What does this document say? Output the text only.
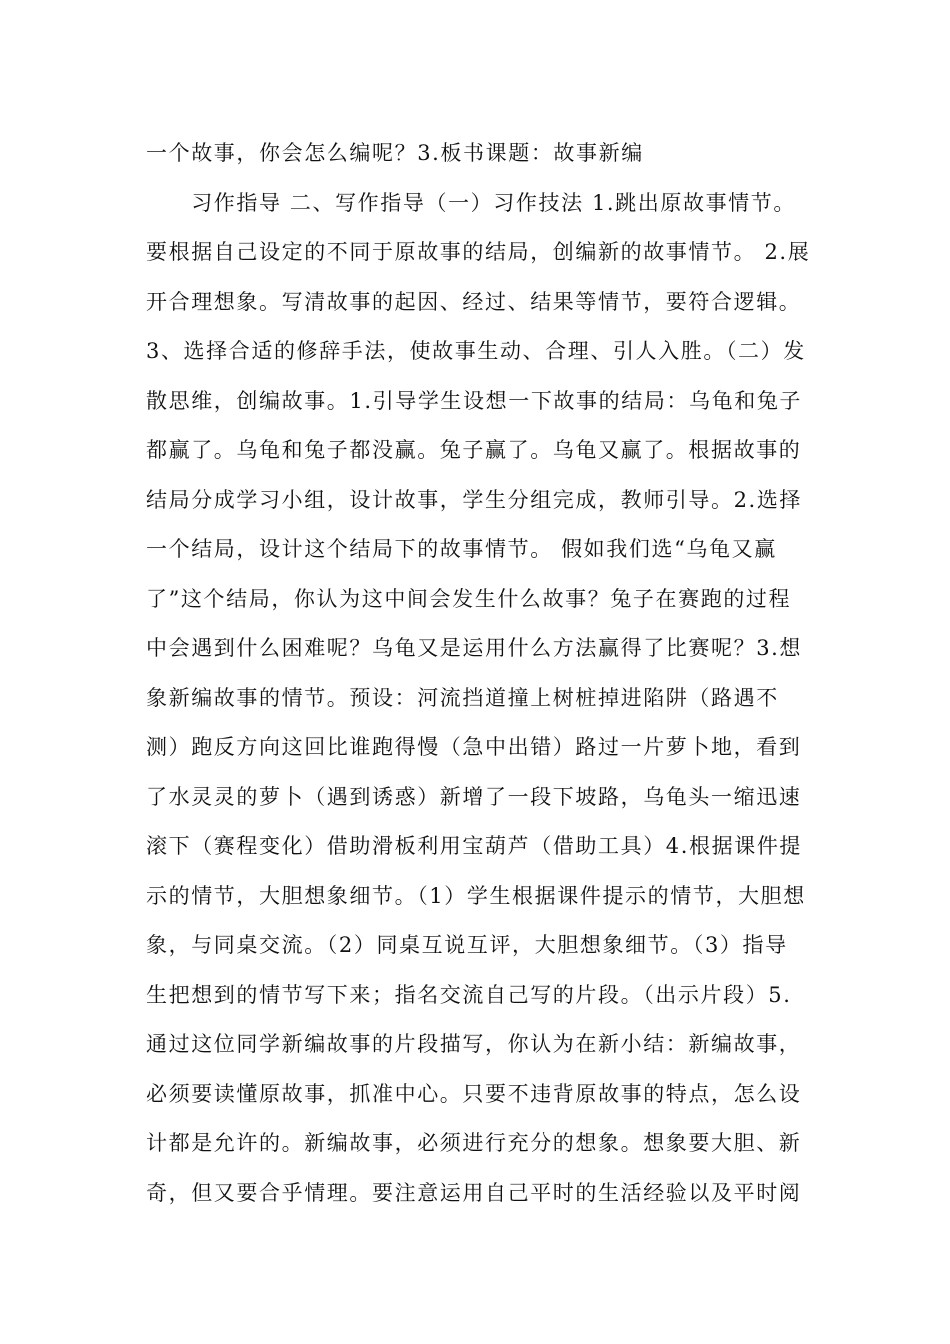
一个故事，你会怎么编呢？3.板书课题：故事新编
　　习作指导 二、写作指导（一）习作技法 1.跳出原故事情节。
要根据自己设定的不同于原故事的结局，创编新的故事情节。 2.展
开合理想象。写清故事的起因、经过、结果等情节，要符合逻辑。
3、选择合适的修辞手法，使故事生动、合理、引人入胜。（二）发
散思维，创编故事。1.引导学生设想一下故事的结局：乌龟和兔子
都赢了。乌龟和兔子都没赢。兔子赢了。乌龟又赢了。根据故事的
结局分成学习小组，设计故事，学生分组完成，教师引导。2.选择
一个结局，设计这个结局下的故事情节。 假如我们选“乌龟又赢
了”这个结局，你认为这中间会发生什么故事？兔子在赛跑的过程
中会遇到什么困难呢？乌龟又是运用什么方法赢得了比赛呢？3.想
象新编故事的情节。预设：河流挡道撞上树桩掉进陷阱（路遇不
测）跑反方向这回比谁跑得慢（急中出错）路过一片萝卜地，看到
了水灵灵的萝卜（遇到诱惑）新增了一段下坡路，乌龟头一缩迅速
滚下（赛程变化）借助滑板利用宝葫芦（借助工具）4.根据课件提
示的情节，大胆想象细节。（1）学生根据课件提示的情节，大胆想
象，与同桌交流。（2）同桌互说互评，大胆想象细节。（3）指导
生把想到的情节写下来；指名交流自己写的片段。（出示片段）5.
通过这位同学新编故事的片段描写，你认为在新小结：新编故事，
必须要读懂原故事，抓准中心。只要不违背原故事的特点，怎么设
计都是允许的。新编故事，必须进行充分的想象。想象要大胆、新
奇，但又要合乎情理。要注意运用自己平时的生活经验以及平时阅
